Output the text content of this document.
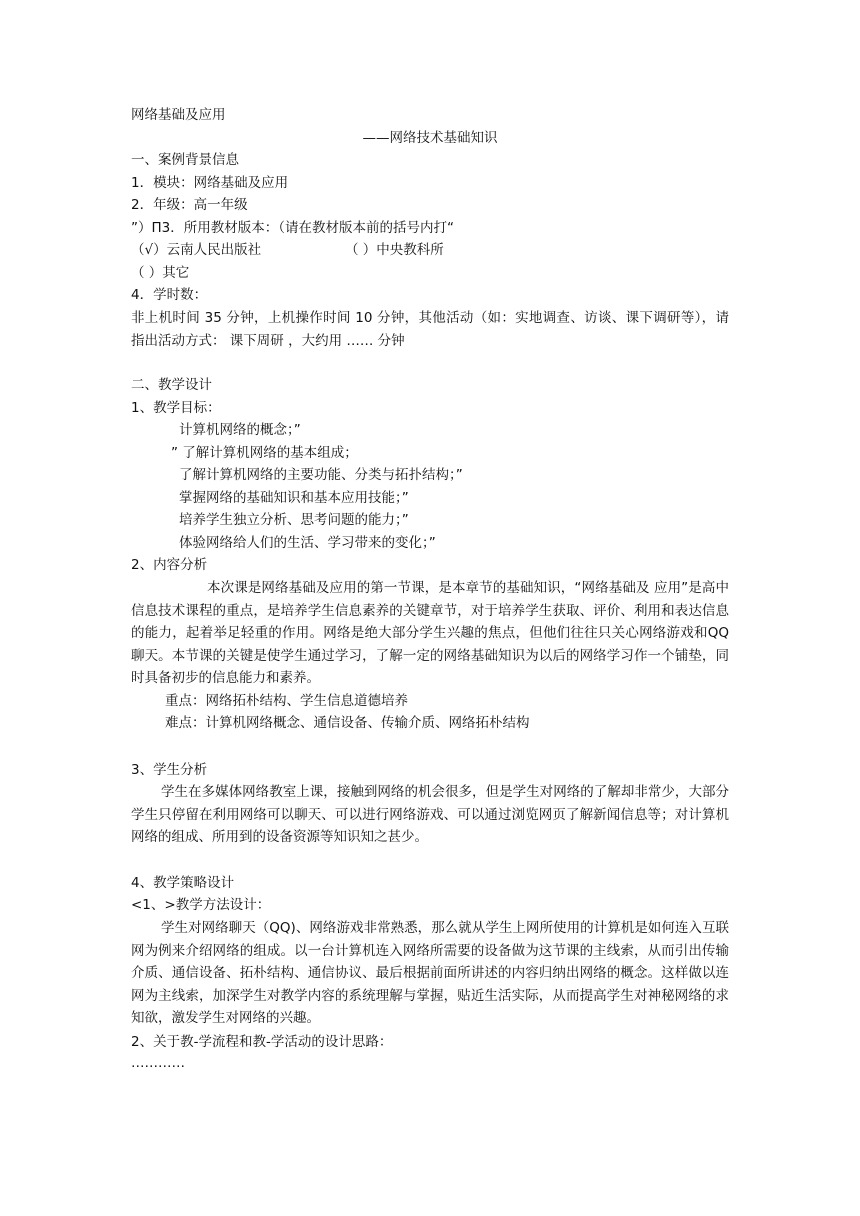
网络基础及应用
——网络技术基础知识
一、案例背景信息
1．模块：网络基础及应用
2．年级：高一年级
”）П3．所用教材版本：（请在教材版本前的括号内打“
（√）云南人民出版社	（ ）中央教科所
（ ）其它
4．学时数：
非上机时间 35 分钟，上机操作时间 10 分钟，其他活动（如：实地调查、访谈、课下调研等），请指出活动方式： 课下周研 ，大约用 …… 分钟
二、教学设计
1、教学目标：
计算机网络的概念；”
” 了解计算机网络的基本组成；
了解计算机网络的主要功能、分类与拓扑结构；”
掌握网络的基础知识和基本应用技能；”
培养学生独立分析、思考问题的能力；”
体验网络给人们的生活、学习带来的变化；”
2、内容分析
本次课是网络基础及应用的第一节课，是本章节的基础知识，“网络基础及 应用”是高中信息技术课程的重点，是培养学生信息素养的关键章节，对于培养学生获取、评价、利用和表达信息的能力，起着举足轻重的作用。网络是绝大部分学生兴趣的焦点，但他们往往只关心网络游戏和QQ聊天。本节课的关键是使学生通过学习，了解一定的网络基础知识为以后的网络学习作一个铺垫，同时具备初步的信息能力和素养。
重点：网络拓朴结构、学生信息道德培养
难点：计算机网络概念、通信设备、传输介质、网络拓朴结构
3、学生分析
学生在多媒体网络教室上课，接触到网络的机会很多，但是学生对网络的了解却非常少，大部分学生只停留在利用网络可以聊天、可以进行网络游戏、可以通过浏览网页了解新闻信息等；对计算机网络的组成、所用到的设备资源等知识知之甚少。
4、教学策略设计
<1、>教学方法设计：
学生对网络聊天（QQ)、网络游戏非常熟悉，那么就从学生上网所使用的计算机是如何连入互联网为例来介绍网络的组成。以一台计算机连入网络所需要的设备做为这节课的主线索，从而引出传输介质、通信设备、拓朴结构、通信协议、最后根据前面所讲述的内容归纳出网络的概念。这样做以连网为主线索，加深学生对教学内容的系统理解与掌握，贴近生活实际，从而提高学生对神秘网络的求知欲，激发学生对网络的兴趣。
2、关于教-学流程和教-学活动的设计思路：
…………
